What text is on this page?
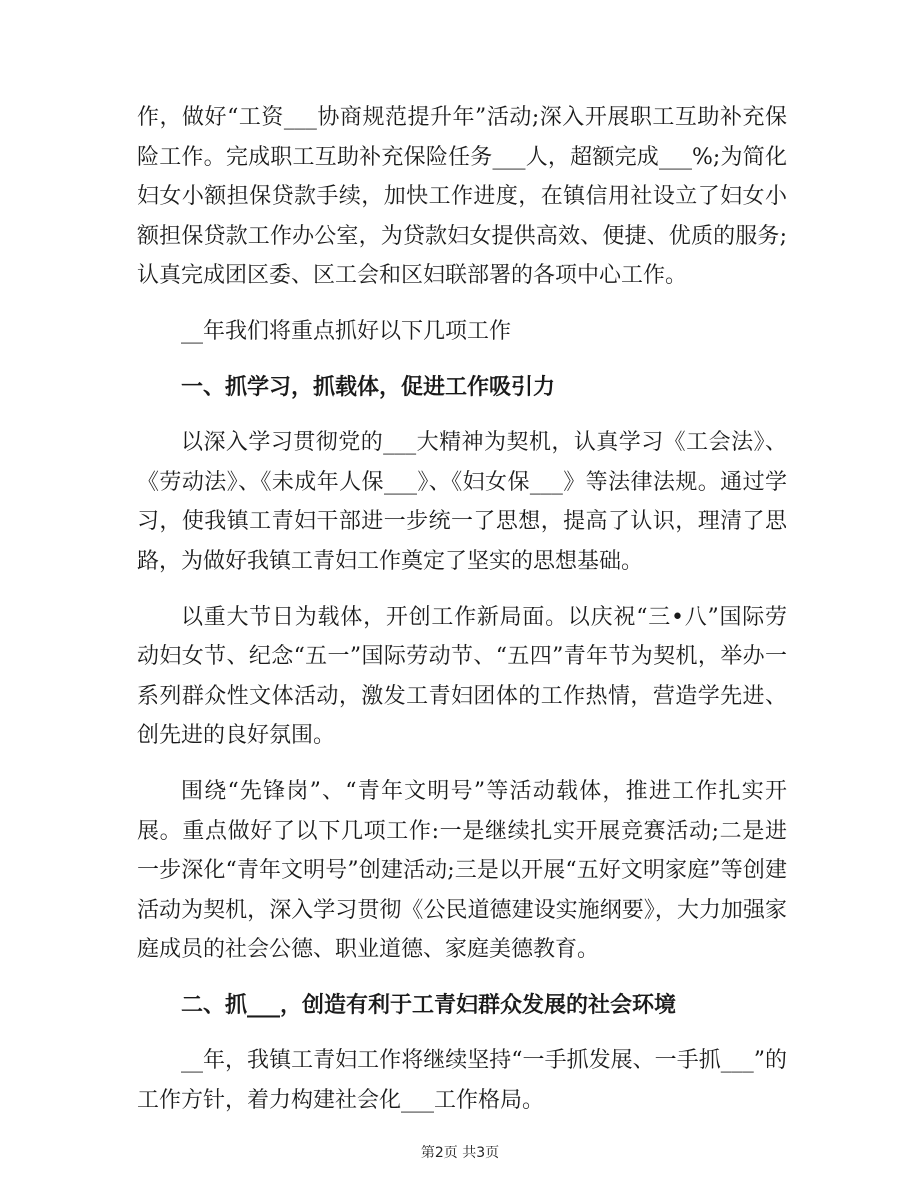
作，做好“工资___协商规范提升年”活动;深入开展职工互助补充保险工作。完成职工互助补充保险任务___人，超额完成___%;为简化妇女小额担保贷款手续，加快工作进度，在镇信用社设立了妇女小额担保贷款工作办公室，为贷款妇女提供高效、便捷、优质的服务;认真完成团区委、区工会和区妇联部署的各项中心工作。

__年我们将重点抓好以下几项工作

一、抓学习，抓载体，促进工作吸引力

以深入学习贯彻党的___大精神为契机，认真学习《工会法》、《劳动法》、《未成年人保___》、《妇女保___》等法律法规。通过学习，使我镇工青妇干部进一步统一了思想，提高了认识，理清了思路，为做好我镇工青妇工作奠定了坚实的思想基础。

以重大节日为载体，开创工作新局面。以庆祝“三•八”国际劳动妇女节、纪念“五一”国际劳动节、“五四”青年节为契机，举办一系列群众性文体活动，激发工青妇团体的工作热情，营造学先进、创先进的良好氛围。

围绕“先锋岗”、“青年文明号”等活动载体，推进工作扎实开展。重点做好了以下几项工作:一是继续扎实开展竞赛活动;二是进一步深化“青年文明号”创建活动;三是以开展“五好文明家庭”等创建活动为契机，深入学习贯彻《公民道德建设实施纲要》，大力加强家庭成员的社会公德、职业道德、家庭美德教育。

二、抓___，创造有利于工青妇群众发展的社会环境

__年，我镇工青妇工作将继续坚持“一手抓发展、一手抓___”的工作方针，着力构建社会化___工作格局。

第2页 共3页
